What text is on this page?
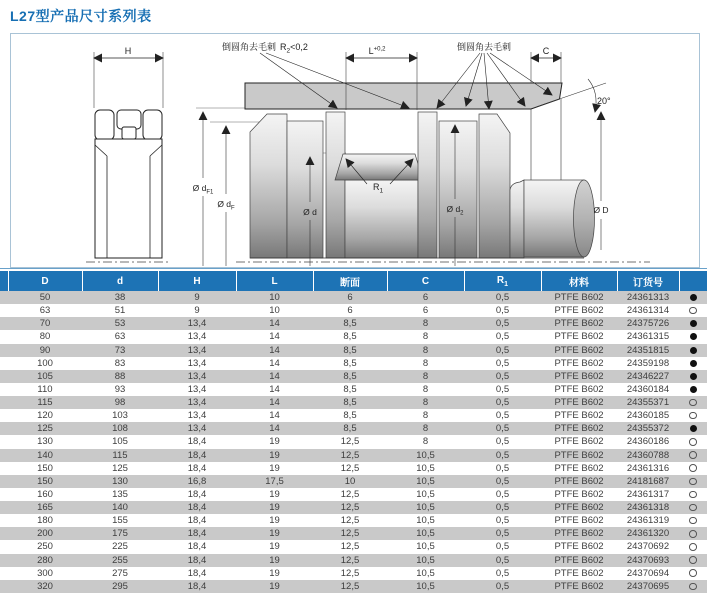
L27型产品尺寸系列表
H
20°
C
$L^{+0,2}$
倒圆角去毛刺 $R_2<0,2$	倒圆角去毛刺
$R_1$
Ø $d_{F1}$
Ø $d_F$	Ø d	Ø $d_2$	Ø D
	D	d	H	L	断面	C	$R_1$	材料	订货号	
	50	38	9	10	6	6	0,5	PTFE B602	24361313	
	63	51	9	10	6	6	0,5	PTFE B602	24361314	
	70	53	13,4	14	8,5	8	0,5	PTFE B602	24375726	
	80	63	13,4	14	8,5	8	0,5	PTFE B602	24361315	
	90	73	13,4	14	8,5	8	0,5	PTFE B602	24351815	
	100	83	13,4	14	8,5	8	0,5	PTFE B602	24359198	
	105	88	13,4	14	8,5	8	0,5	PTFE B602	24346227	
	110	93	13,4	14	8,5	8	0,5	PTFE B602	24360184	
	115	98	13,4	14	8,5	8	0,5	PTFE B602	24355371	
	120	103	13,4	14	8,5	8	0,5	PTFE B602	24360185	
	125	108	13,4	14	8,5	8	0,5	PTFE B602	24355372	
	130	105	18,4	19	12,5	8	0,5	PTFE B602	24360186	
	140	115	18,4	19	12,5	10,5	0,5	PTFE B602	24360788	
	150	125	18,4	19	12,5	10,5	0,5	PTFE B602	24361316	
	150	130	16,8	17,5	10	10,5	0,5	PTFE B602	24181687	
	160	135	18,4	19	12,5	10,5	0,5	PTFE B602	24361317	
	165	140	18,4	19	12,5	10,5	0,5	PTFE B602	24361318	
	180	155	18,4	19	12,5	10,5	0,5	PTFE B602	24361319	
	200	175	18,4	19	12,5	10,5	0,5	PTFE B602	24361320	
	250	225	18,4	19	12,5	10,5	0,5	PTFE B602	24370692	
	280	255	18,4	19	12,5	10,5	0,5	PTFE B602	24370693	
	300	275	18,4	19	12,5	10,5	0,5	PTFE B602	24370694	
	320	295	18,4	19	12,5	10,5	0,5	PTFE B602	24370695	
